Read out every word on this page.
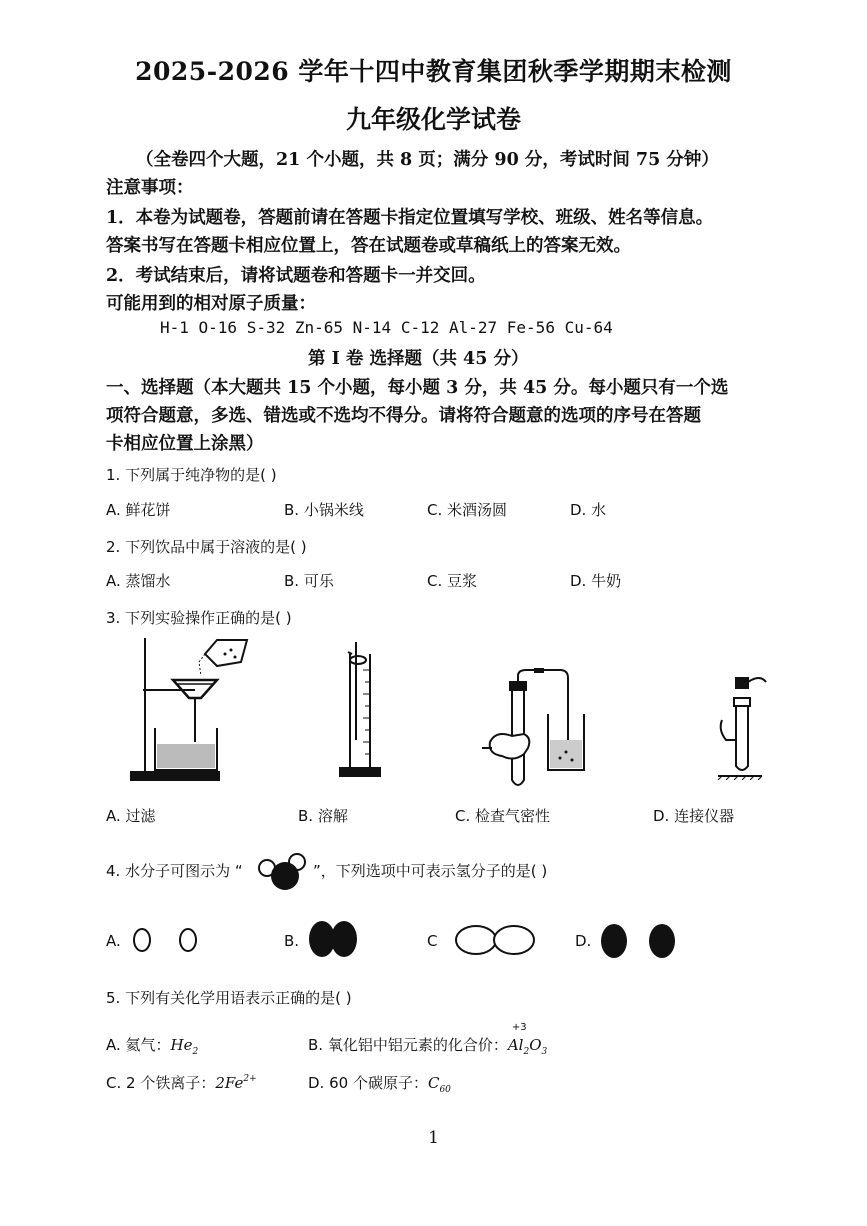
2025-2026 学年十四中教育集团秋季学期期末检测
九年级化学试卷
（全卷四个大题，21 个小题，共 8 页；满分 90 分，考试时间 75 分钟）
注意事项：
1．本卷为试题卷，答题前请在答题卡指定位置填写学校、班级、姓名等信息。
答案书写在答题卡相应位置上，答在试题卷或草稿纸上的答案无效。
2．考试结束后，请将试题卷和答题卡一并交回。
可能用到的相对原子质量：
H-1 O-16 S-32 Zn-65 N-14 C-12 Al-27 Fe-56 Cu-64
第 I 卷 选择题（共 45 分）
一、选择题（本大题共 15 个小题，每小题 3 分，共 45 分。每小题只有一个选
项符合题意，多选、错选或不选均不得分。请将符合题意的选项的序号在答题
卡相应位置上涂黑）
1. 下列属于纯净物的是( )
A. 鲜花饼	B. 小锅米线	C. 米酒汤圆	D. 水
2. 下列饮品中属于溶液的是( )
A. 蒸馏水	B. 可乐	C. 豆浆	D. 牛奶
3. 下列实验操作正确的是( )
A. 过滤	B. 溶解	C. 检查气密性	D. 连接仪器
4. 水分子可图示为 “	”，下列选项中可表示氢分子的是( )
A.	B.	C	D.
5. 下列有关化学用语表示正确的是( )
A. 氦气：$He_2$	B. 氧化铝中铝元素的化合价：
+3
$Al_2O_3$
C. 2 个铁离子：$2Fe^{2+}$	D. 60 个碳原子：$C_{60}$
1
